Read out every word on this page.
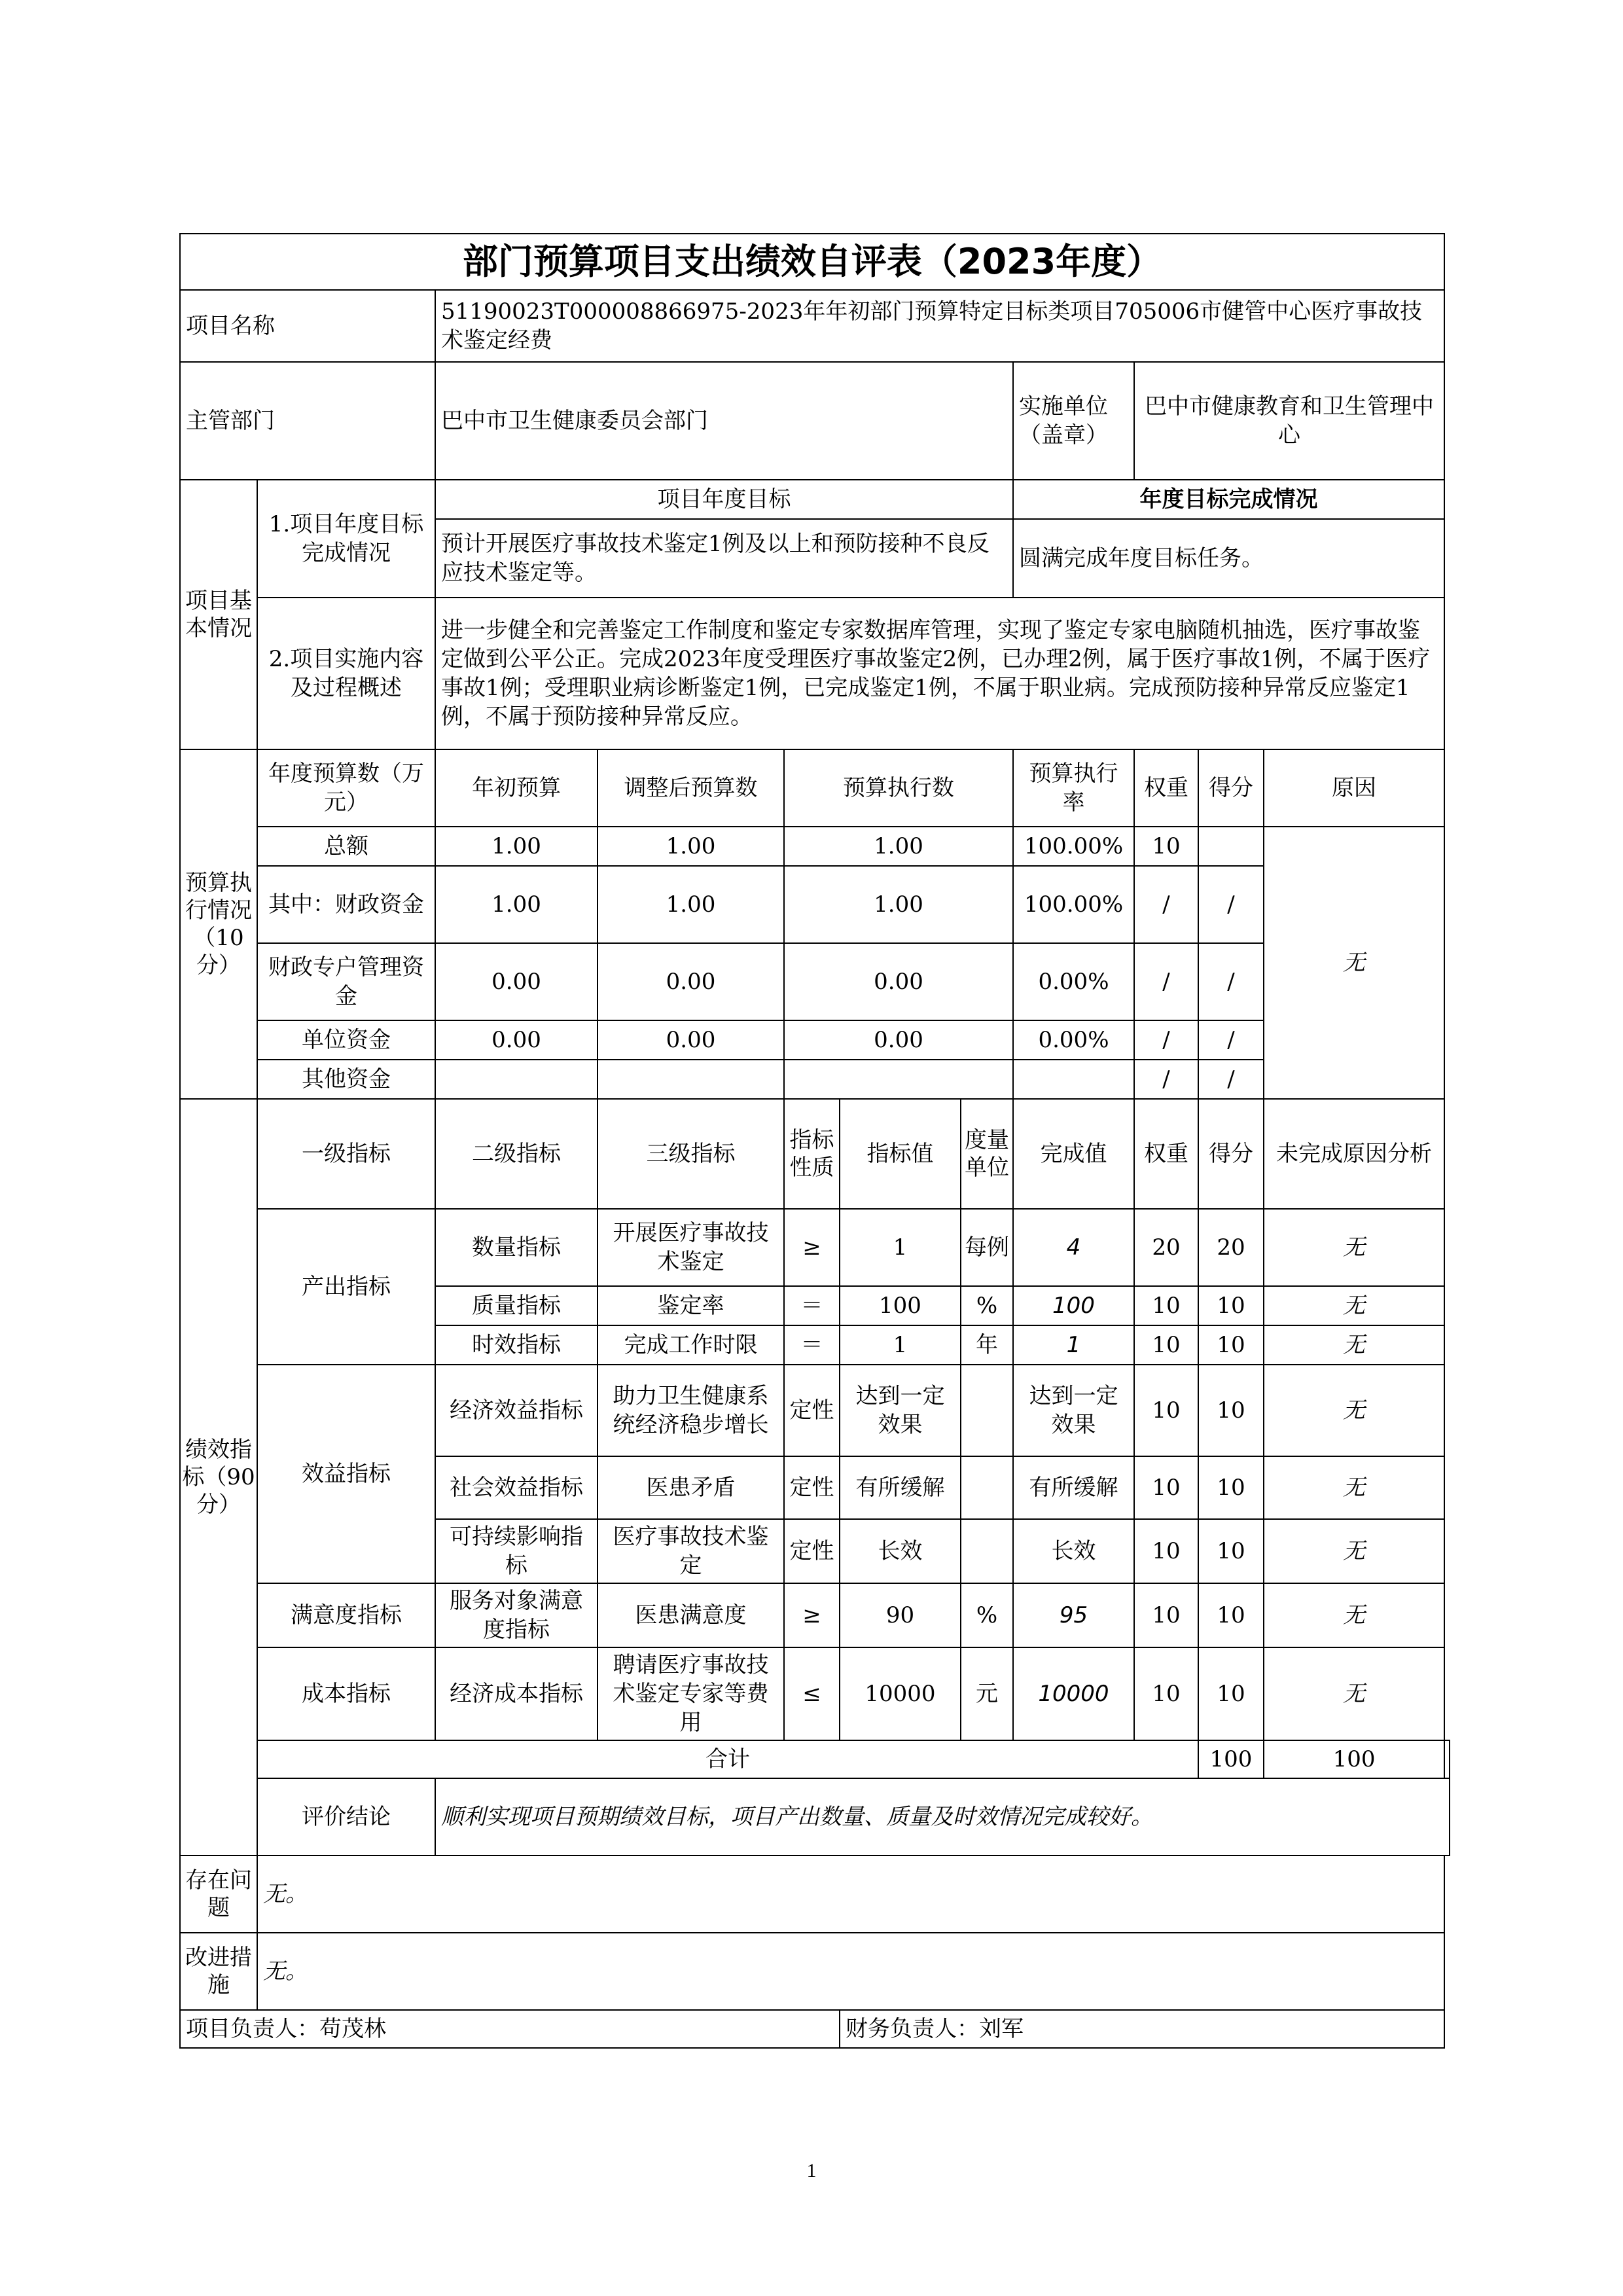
部门预算项目支出绩效自评表（2023年度）											
项目名称		51190023T000008866975-2023年年初部门预算特定目标类项目705006市健管中心医疗事故技术鉴定经费									
主管部门		巴中市卫生健康委员会部门					实施单位（盖章）	巴中市健康教育和卫生管理中心			
项目基本情况	1.项目年度目标完成情况	项目年度目标					年度目标完成情况				
		预计开展医疗事故技术鉴定1例及以上和预防接种不良反应技术鉴定等。					圆满完成年度目标任务。				
	2.项目实施内容及过程概述	进一步健全和完善鉴定工作制度和鉴定专家数据库管理，实现了鉴定专家电脑随机抽选，医疗事故鉴定做到公平公正。完成2023年度受理医疗事故鉴定2例，已办理2例，属于医疗事故1例，不属于医疗事故1例；受理职业病诊断鉴定1例，已完成鉴定1例，不属于职业病。完成预防接种异常反应鉴定1例，不属于预防接种异常反应。									

预算执行情况（10分）	年度预算数（万元）	年初预算	调整后预算数	预算执行数			预算执行率	权重	得分	原因	
	总额	1.00	1.00	1.00			100.00%	10		无	
	其中：财政资金	1.00	1.00	1.00			100.00%	/	/		
	财政专户管理资金	0.00	0.00	0.00			0.00%	/	/		
	单位资金	0.00	0.00	0.00			0.00%	/	/		
	其他资金							/	/		
绩效指标（90分）	一级指标	二级指标	三级指标	指标性质	指标值	度量单位	完成值	权重	得分	未完成原因分析	
	产出指标	数量指标	开展医疗事故技术鉴定	≥	1	每例	4	20	20	无	
		质量指标	鉴定率	＝	100	%	100	10	10	无	
		时效指标	完成工作时限	＝	1	年	1	10	10	无	
	效益指标	经济效益指标	助力卫生健康系统经济稳步增长	定性	达到一定效果		达到一定效果	10	10	无	
		社会效益指标	医患矛盾	定性	有所缓解		有所缓解	10	10	无	
		可持续影响指标	医疗事故技术鉴定	定性	长效		长效	10	10	无	
	满意度指标	服务对象满意度指标	医患满意度	≥	90	%	95	10	10	无	
	成本指标	经济成本指标	聘请医疗事故技术鉴定专家等费用	≤	10000	元	10000	10	10	无	
	合计								100	100	
	评价结论	顺利实现项目预期绩效目标，项目产出数量、质量及时效情况完成较好。									
存在问题	无。										
改进措施	无。										
项目负责人：苟茂林					财务负责人：刘军						
1
